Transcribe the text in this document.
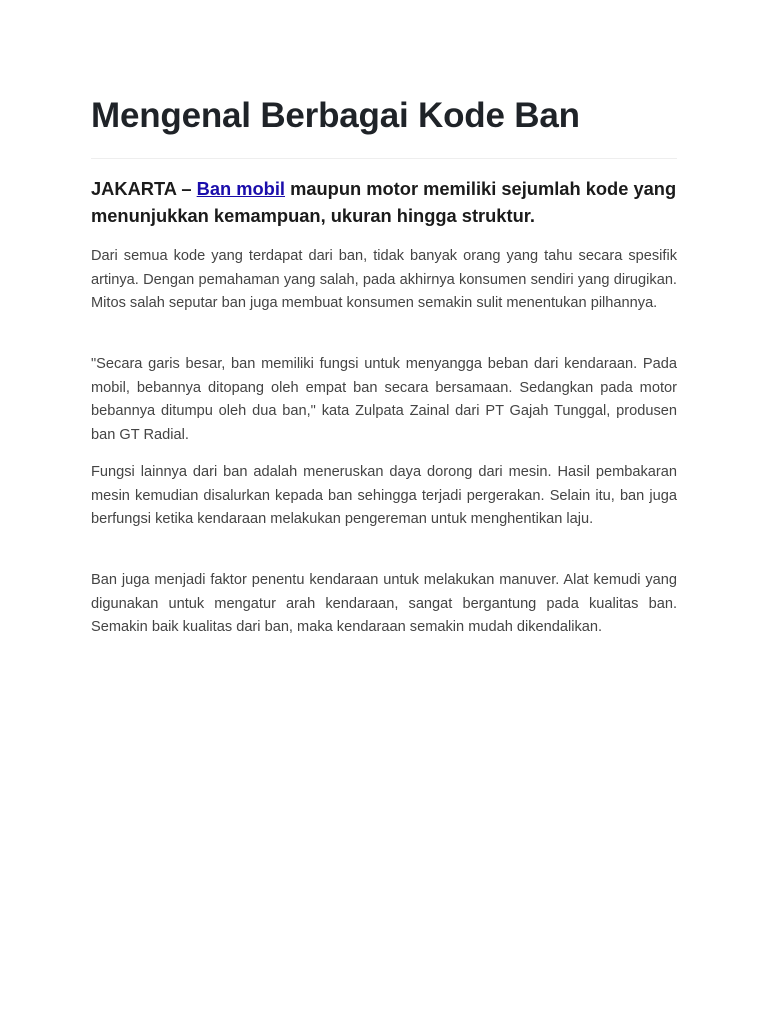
Mengenal Berbagai Kode Ban

JAKARTA – Ban mobil maupun motor memiliki sejumlah kode yang menunjukkan kemampuan, ukuran hingga struktur.

Dari semua kode yang terdapat dari ban, tidak banyak orang yang tahu secara spesifik artinya. Dengan pemahaman yang salah, pada akhirnya konsumen sendiri yang dirugikan. Mitos salah seputar ban juga membuat konsumen semakin sulit menentukan pilhannya.

"Secara garis besar, ban memiliki fungsi untuk menyangga beban dari kendaraan. Pada mobil, bebannya ditopang oleh empat ban secara bersamaan. Sedangkan pada motor bebannya ditumpu oleh dua ban," kata Zulpata Zainal dari PT Gajah Tunggal, produsen ban GT Radial.

Fungsi lainnya dari ban adalah meneruskan daya dorong dari mesin. Hasil pembakaran mesin kemudian disalurkan kepada ban sehingga terjadi pergerakan. Selain itu, ban juga berfungsi ketika kendaraan melakukan pengereman untuk menghentikan laju.

Ban juga menjadi faktor penentu kendaraan untuk melakukan manuver. Alat kemudi yang digunakan untuk mengatur arah kendaraan, sangat bergantung pada kualitas ban. Semakin baik kualitas dari ban, maka kendaraan semakin mudah dikendalikan.
